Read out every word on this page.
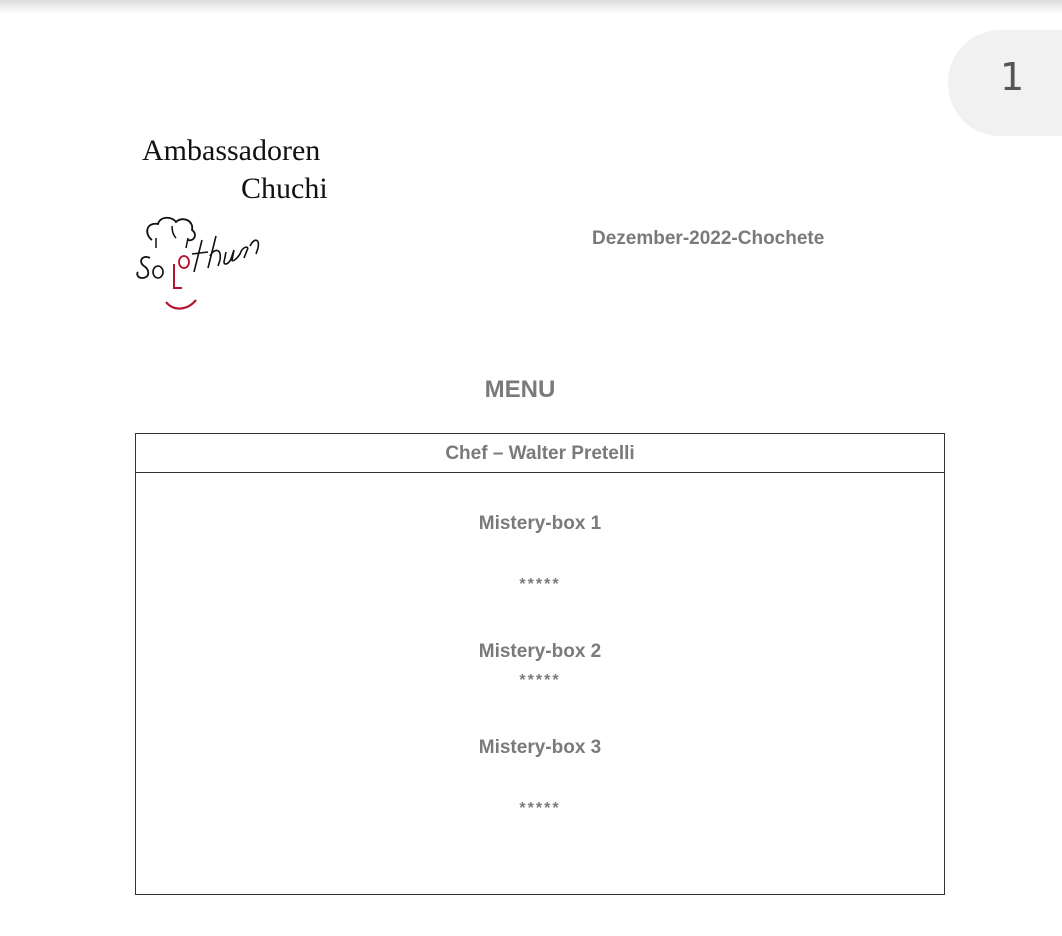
1
Ambassadoren
Chuchi
Dezember-2022-Chochete
MENU
Chef – Walter Pretelli
Mistery-box 1
*****
Mistery-box 2
*****
Mistery-box 3
*****
